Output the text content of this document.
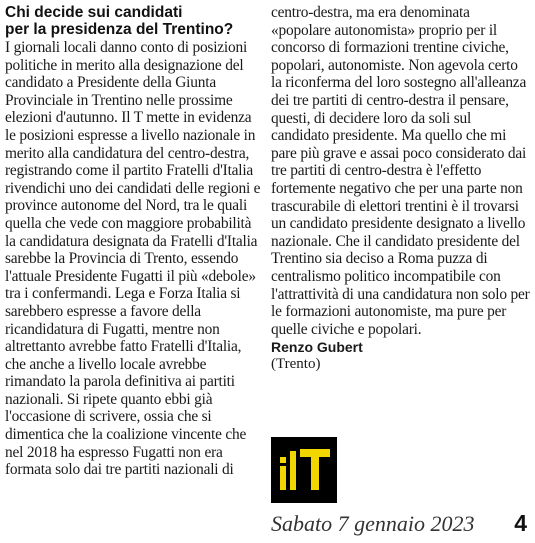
Chi decide sui candidati
per la presidenza del Trentino?

I giornali locali danno conto di posizioni politiche in merito alla designazione del candidato a Presidente della Giunta Provinciale in Trentino nelle prossime elezioni d'autunno. Il T mette in evidenza le posizioni espresse a livello nazionale in merito alla candidatura del centro-destra, registrando come il partito Fratelli d'Italia rivendichi uno dei candidati delle regioni e province autonome del Nord, tra le quali quella che vede con maggiore probabilità la candidatura designata da Fratelli d'Italia sarebbe la Provincia di Trento, essendo l'attuale Presidente Fugatti il più «debole» tra i confermandi. Lega e Forza Italia si sarebbero espresse a favore della ricandidatura di Fugatti, mentre non altrettanto avrebbe fatto Fratelli d'Italia, che anche a livello locale avrebbe rimandato la parola definitiva ai partiti nazionali. Si ripete quanto ebbi già l'occasione di scrivere, ossia che si dimentica che la coalizione vincente che nel 2018 ha espresso Fugatti non era formata solo dai tre partiti nazionali di

centro-destra, ma era denominata «popolare autonomista» proprio per il concorso di formazioni trentine civiche, popolari, autonomiste. Non agevola certo la riconferma del loro sostegno all'alleanza dei tre partiti di centro-destra il pensare, questi, di decidere loro da soli sul candidato presidente. Ma quello che mi pare più grave e assai poco considerato dai tre partiti di centro-destra è l'effetto fortemente negativo che per una parte non trascurabile di elettori trentini è il trovarsi un candidato presidente designato a livello nazionale. Che il candidato presidente del Trentino sia deciso a Roma puzza di centralismo politico incompatibile con l'attrattività di una candidatura non solo per le formazioni autonomiste, ma pure per quelle civiche e popolari.

Renzo Gubert

(Trento)

Sabato 7 gennaio 2023 4
